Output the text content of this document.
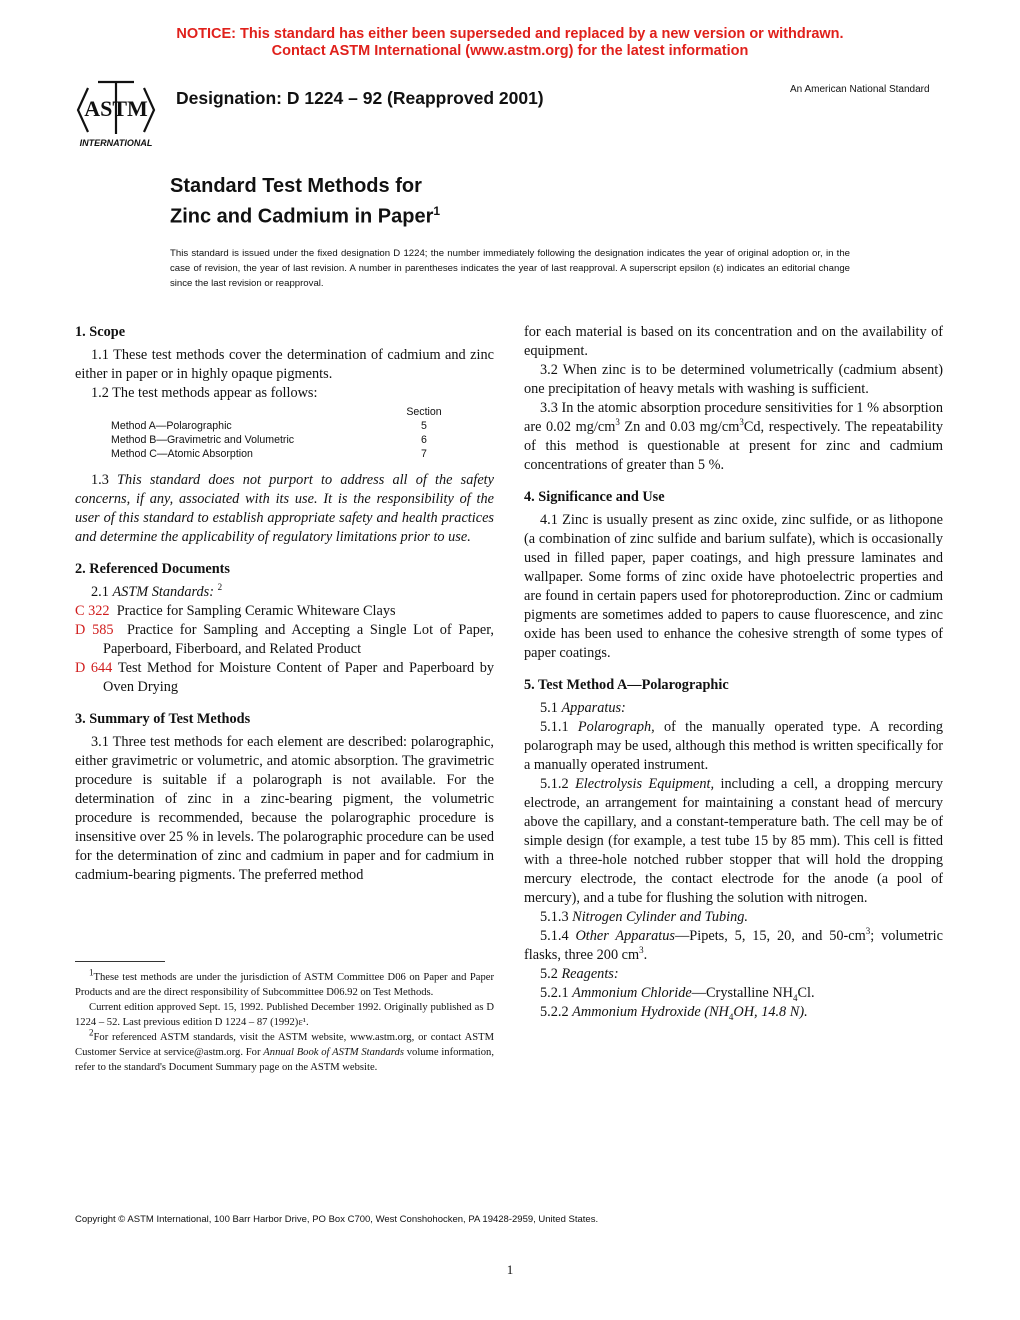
NOTICE: This standard has either been superseded and replaced by a new version or withdrawn.
Contact ASTM International (www.astm.org) for the latest information
ASTM
INTERNATIONAL
Designation: D 1224 – 92 (Reapproved 2001)	An American National Standard
Standard Test Methods for
Zinc and Cadmium in Paper$^1$
This standard is issued under the fixed designation D 1224; the number immediately following the designation indicates the year of original adoption or, in the case of revision, the year of last revision. A number in parentheses indicates the year of last reapproval. A superscript epsilon (ε) indicates an editorial change since the last revision or reapproval.

1. Scope

1.1 These test methods cover the determination of cadmium and zinc either in paper or in highly opaque pigments.

1.2 The test methods appear as follows:

Section
Method A—Polarographic	5
Method B—Gravimetric and Volumetric	6
Method C—Atomic Absorption	7

1.3 This standard does not purport to address all of the safety concerns, if any, associated with its use. It is the responsibility of the user of this standard to establish appropriate safety and health practices and determine the applicability of regulatory limitations prior to use.

2. Referenced Documents

2.1 ASTM Standards: $^2$

C 322 Practice for Sampling Ceramic Whiteware Clays

D 585 Practice for Sampling and Accepting a Single Lot of Paper, Paperboard, Fiberboard, and Related Product

D 644 Test Method for Moisture Content of Paper and Paperboard by Oven Drying

3. Summary of Test Methods

3.1 Three test methods for each element are described: polarographic, either gravimetric or volumetric, and atomic absorption. The gravimetric procedure is suitable if a polarograph is not available. For the determination of zinc in a zinc-bearing pigment, the volumetric procedure is recommended, because the polarographic procedure is insensitive over 25 % in levels. The polarographic procedure can be used for the determination of zinc and cadmium in paper and for cadmium in cadmium-bearing pigments. The preferred method

$^1$These test methods are under the jurisdiction of ASTM Committee D06 on Paper and Paper Products and are the direct responsibility of Subcommittee D06.92 on Test Methods.

Current edition approved Sept. 15, 1992. Published December 1992. Originally published as D 1224 – 52. Last previous edition D 1224 – 87 (1992)ε¹.

$^2$For referenced ASTM standards, visit the ASTM website, www.astm.org, or contact ASTM Customer Service at service@astm.org. For Annual Book of ASTM Standards volume information, refer to the standard's Document Summary page on the ASTM website.

for each material is based on its concentration and on the availability of equipment.

3.2 When zinc is to be determined volumetrically (cadmium absent) one precipitation of heavy metals with washing is sufficient.

3.3 In the atomic absorption procedure sensitivities for 1 % absorption are 0.02 $mg/cm^3$ Zn and 0.03 $mg/cm^3Cd$, respectively. The repeatability of this method is questionable at present for zinc and cadmium concentrations of greater than 5 %.

4. Significance and Use

4.1 Zinc is usually present as zinc oxide, zinc sulfide, or as lithopone (a combination of zinc sulfide and barium sulfate), which is occasionally used in filled paper, paper coatings, and high pressure laminates and wallpaper. Some forms of zinc oxide have photoelectric properties and are found in certain papers used for photoreproduction. Zinc or cadmium pigments are sometimes added to papers to cause fluorescence, and zinc oxide has been used to enhance the cohesive strength of some types of paper coatings.

5. Test Method A—Polarographic

5.1 Apparatus:

5.1.1 Polarograph, of the manually operated type. A recording polarograph may be used, although this method is written specifically for a manually operated instrument.

5.1.2 Electrolysis Equipment, including a cell, a dropping mercury electrode, an arrangement for maintaining a constant head of mercury above the capillary, and a constant-temperature bath. The cell may be of simple design (for example, a test tube 15 by 85 mm). This cell is fitted with a three-hole notched rubber stopper that will hold the dropping mercury electrode, the contact electrode for the anode (a pool of mercury), and a tube for flushing the solution with nitrogen.

5.1.3 Nitrogen Cylinder and Tubing.

5.1.4 Other Apparatus—Pipets, 5, 15, 20, and $50-cm^3$; volumetric flasks, three 200 $cm^3$.

5.2 Reagents:

5.2.1 Ammonium Chloride—Crystalline $NH_4Cl$.

5.2.2 Ammonium Hydroxide ($NH_4OH$, 14.8 N).

Copyright © ASTM International, 100 Barr Harbor Drive, PO Box C700, West Conshohocken, PA 19428-2959, United States.
1
